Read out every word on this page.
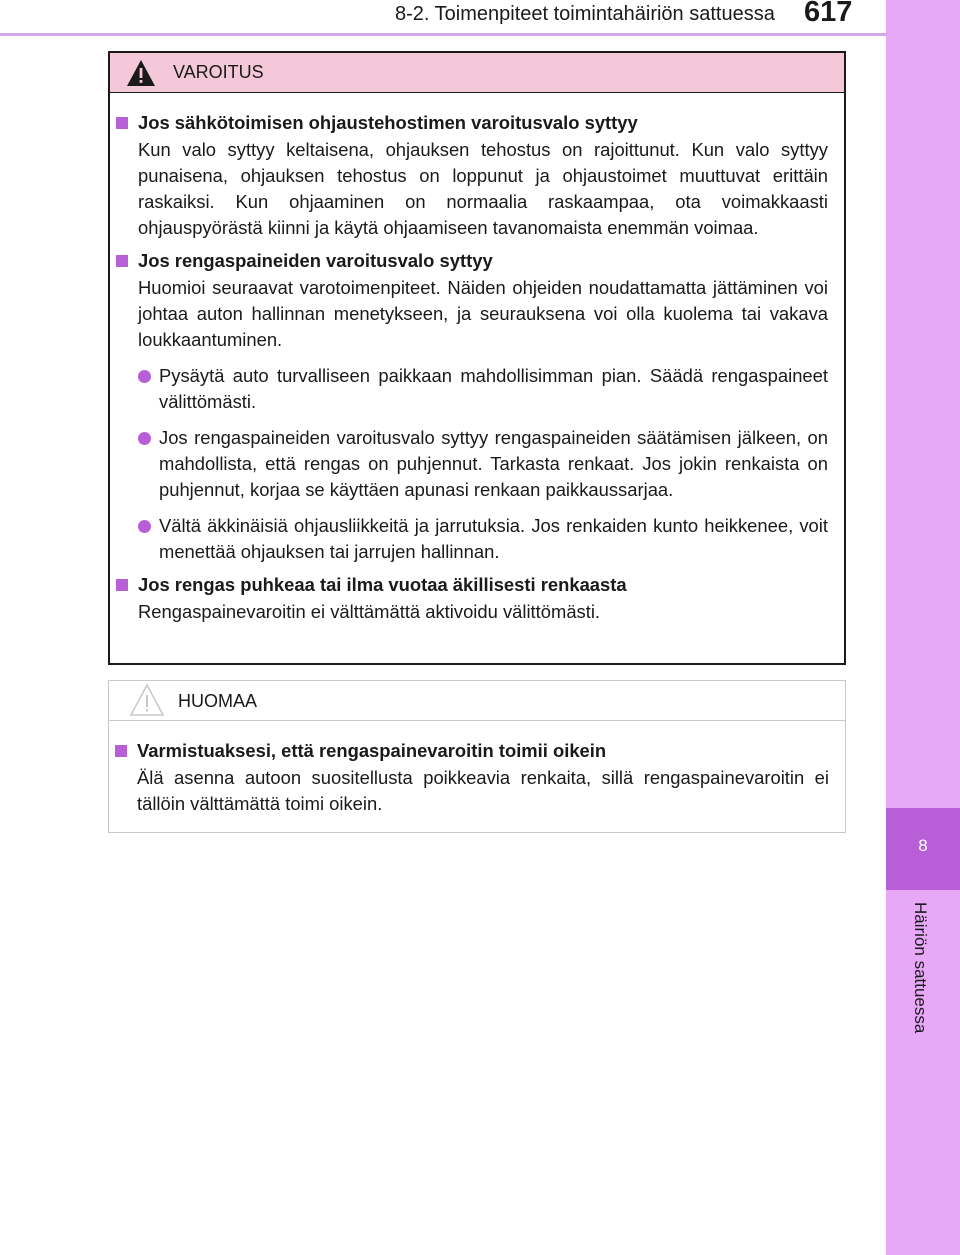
8-2. Toimenpiteet toimintahäiriön sattuessa 617
8
Häiriön sattuessa
VAROITUS
Jos sähkötoimisen ohjaustehostimen varoitusvalo syttyy

Kun valo syttyy keltaisena, ohjauksen tehostus on rajoittunut. Kun valo syttyy punaisena, ohjauksen tehostus on loppunut ja ohjaustoimet muuttuvat erittäin raskaiksi. Kun ohjaaminen on normaalia raskaampaa, ota voimakkaasti ohjauspyörästä kiinni ja käytä ohjaamiseen tavanomaista enemmän voimaa.

Jos rengaspaineiden varoitusvalo syttyy

Huomioi seuraavat varotoimenpiteet. Näiden ohjeiden noudattamatta jättäminen voi johtaa auton hallinnan menetykseen, ja seurauksena voi olla kuolema tai vakava loukkaantuminen.

Pysäytä auto turvalliseen paikkaan mahdollisimman pian. Säädä rengaspaineet välittömästi.
Jos rengaspaineiden varoitusvalo syttyy rengaspaineiden säätämisen jälkeen, on mahdollista, että rengas on puhjennut. Tarkasta renkaat. Jos jokin renkaista on puhjennut, korjaa se käyttäen apunasi renkaan paikkaussarjaa.
Vältä äkkinäisiä ohjausliikkeitä ja jarrutuksia. Jos renkaiden kunto heikkenee, voit menettää ohjauksen tai jarrujen hallinnan.
Jos rengas puhkeaa tai ilma vuotaa äkillisesti renkaasta

Rengaspainevaroitin ei välttämättä aktivoidu välittömästi.

HUOMAA
Varmistuaksesi, että rengaspainevaroitin toimii oikein

Älä asenna autoon suositellusta poikkeavia renkaita, sillä rengaspainevaroitin ei tällöin välttämättä toimi oikein.
